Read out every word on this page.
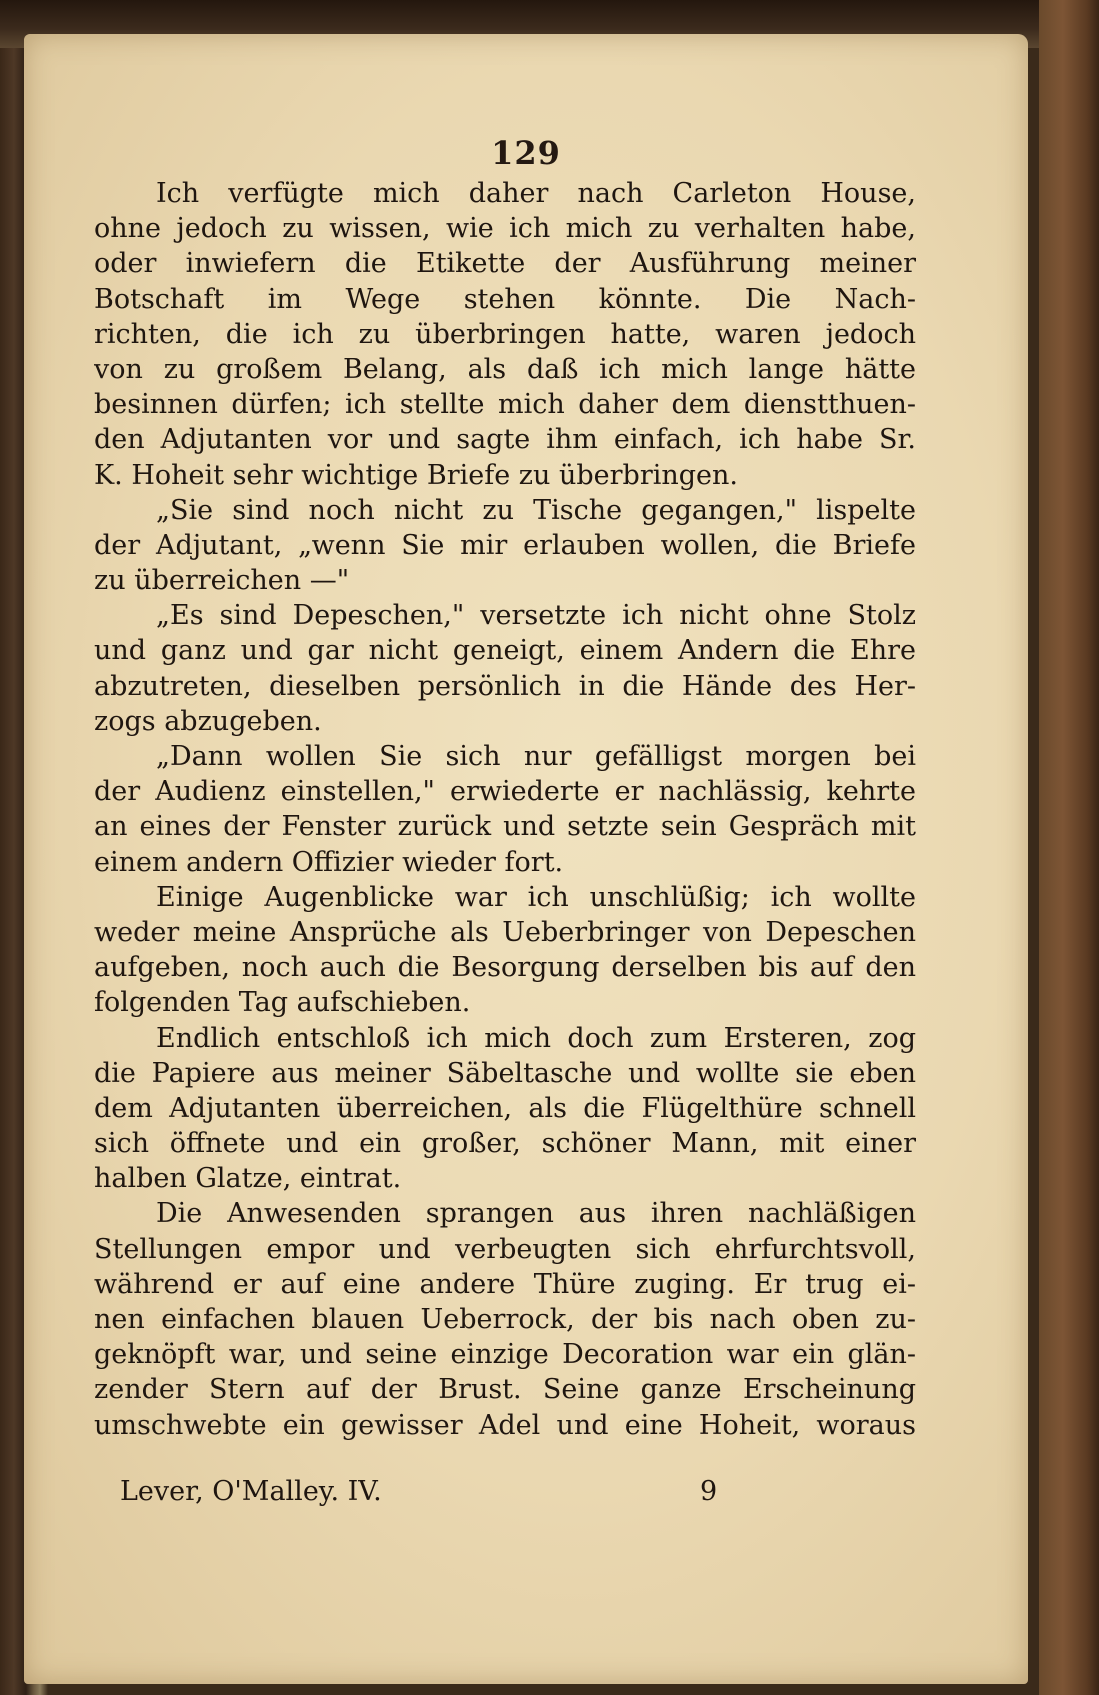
129
Ich verfügte mich daher nach Carleton House,
ohne jedoch zu wissen, wie ich mich zu verhalten habe,
oder inwiefern die Etikette der Ausführung meiner
Botschaft im Wege stehen könnte. Die Nach-
richten, die ich zu überbringen hatte, waren jedoch
von zu großem Belang, als daß ich mich lange hätte
besinnen dürfen; ich stellte mich daher dem dienstthuen-
den Adjutanten vor und sagte ihm einfach, ich habe Sr.
K. Hoheit sehr wichtige Briefe zu überbringen.
„Sie sind noch nicht zu Tische gegangen," lispelte
der Adjutant, „wenn Sie mir erlauben wollen, die Briefe
zu überreichen —"
„Es sind Depeschen," versetzte ich nicht ohne Stolz
und ganz und gar nicht geneigt, einem Andern die Ehre
abzutreten, dieselben persönlich in die Hände des Her-
zogs abzugeben.
„Dann wollen Sie sich nur gefälligst morgen bei
der Audienz einstellen," erwiederte er nachlässig, kehrte
an eines der Fenster zurück und setzte sein Gespräch mit
einem andern Offizier wieder fort.
Einige Augenblicke war ich unschlüßig; ich wollte
weder meine Ansprüche als Ueberbringer von Depeschen
aufgeben, noch auch die Besorgung derselben bis auf den
folgenden Tag aufschieben.
Endlich entschloß ich mich doch zum Ersteren, zog
die Papiere aus meiner Säbeltasche und wollte sie eben
dem Adjutanten überreichen, als die Flügelthüre schnell
sich öffnete und ein großer, schöner Mann, mit einer
halben Glatze, eintrat.
Die Anwesenden sprangen aus ihren nachläßigen
Stellungen empor und verbeugten sich ehrfurchtsvoll,
während er auf eine andere Thüre zuging. Er trug ei-
nen einfachen blauen Ueberrock, der bis nach oben zu-
geknöpft war, und seine einzige Decoration war ein glän-
zender Stern auf der Brust. Seine ganze Erscheinung
umschwebte ein gewisser Adel und eine Hoheit, woraus
Lever, O'Malley. IV.	9
